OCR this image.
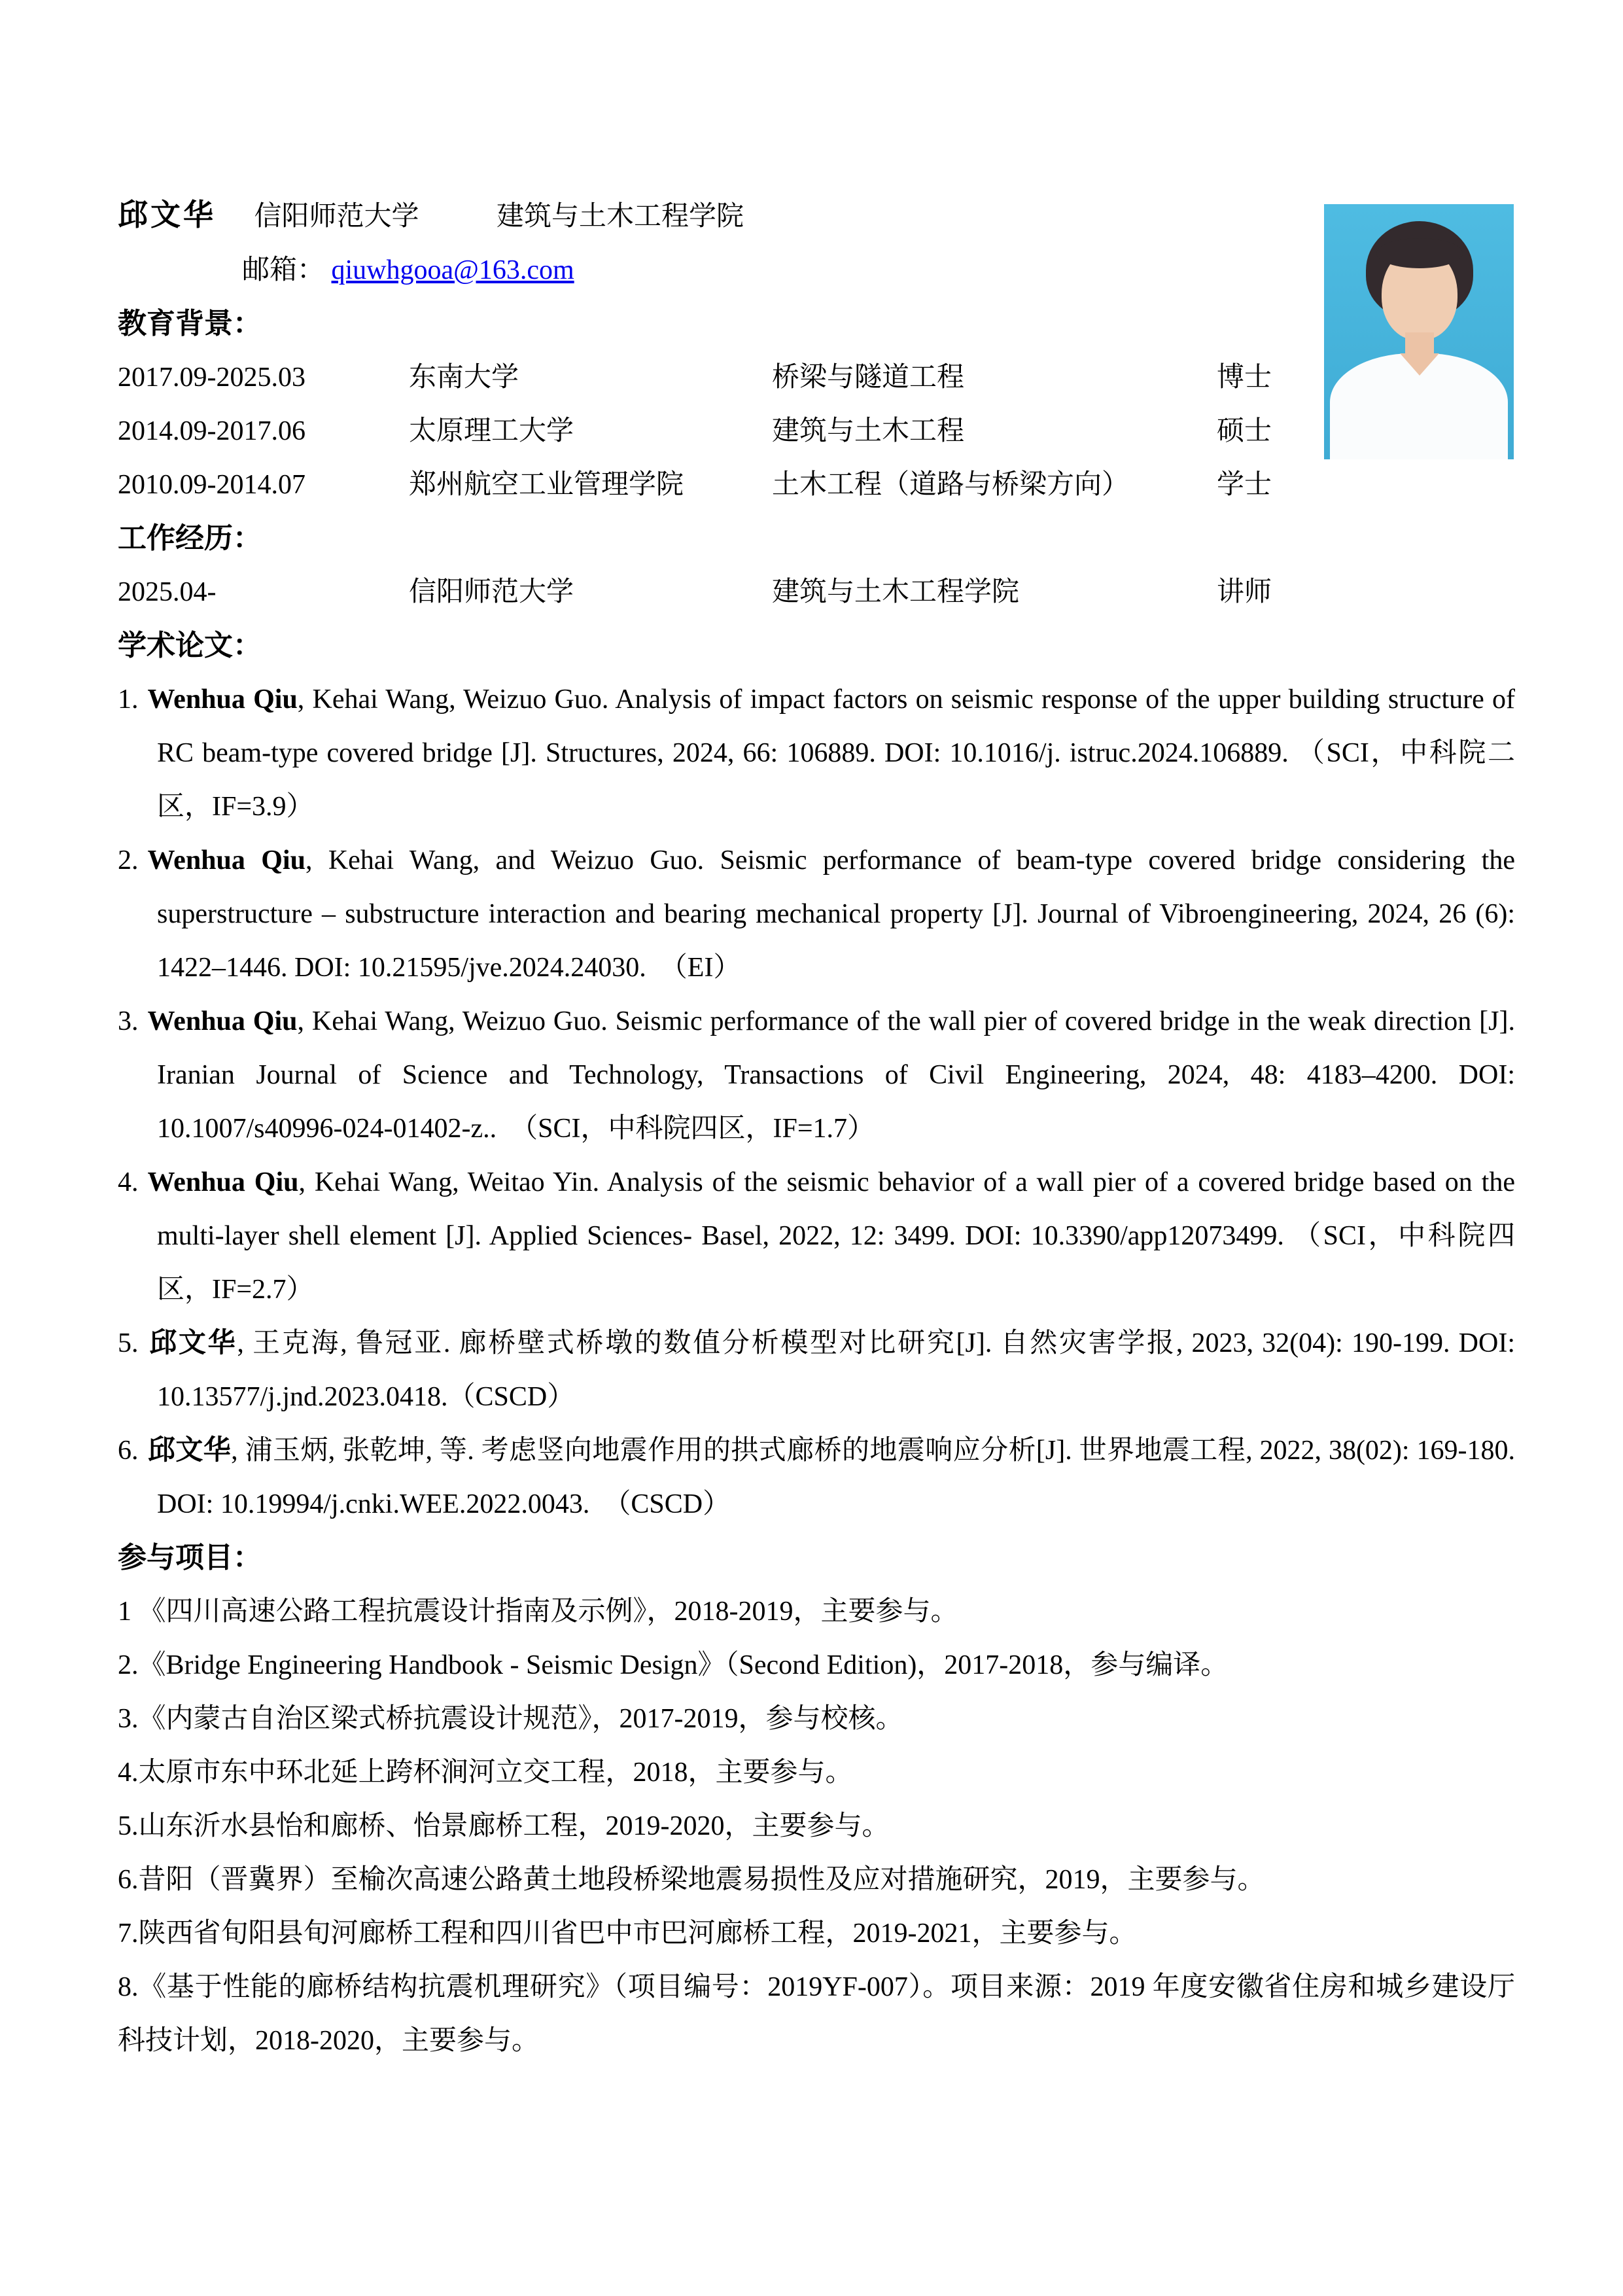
邱文华 信阳师范大学	建筑与土木工程学院
邮箱： qiuwhgooa@163.com
教育背景：
2017.09-2025.03	东南大学	桥梁与隧道工程	博士
2014.09-2017.06	太原理工大学	建筑与土木工程	硕士
2010.09-2014.07	郑州航空工业管理学院	土木工程（道路与桥梁方向）	学士
工作经历：
2025.04-	信阳师范大学	建筑与土木工程学院	讲师
学术论文：
1. Wenhua Qiu, Kehai Wang, Weizuo Guo. Analysis of impact factors on seismic response of the upper building structure of RC beam-type covered bridge [J]. Structures, 2024, 66: 106889. DOI: 10.1016/j. istruc.2024.106889. （SCI，中科院二区，IF=3.9）
2. Wenhua Qiu, Kehai Wang, and Weizuo Guo. Seismic performance of beam-type covered bridge considering the superstructure – substructure interaction and bearing mechanical property [J]. Journal of Vibroengineering, 2024, 26 (6): 1422–1446. DOI: 10.21595/jve.2024.24030.　（EI）
3. Wenhua Qiu, Kehai Wang, Weizuo Guo. Seismic performance of the wall pier of covered bridge in the weak direction [J]. Iranian Journal of Science and Technology, Transactions of Civil Engineering, 2024, 48: 4183–4200. DOI: 10.1007/s40996-024-01402-z..　（SCI，中科院四区，IF=1.7）
4. Wenhua Qiu, Kehai Wang, Weitao Yin. Analysis of the seismic behavior of a wall pier of a covered bridge based on the multi-layer shell element [J]. Applied Sciences- Basel, 2022, 12: 3499. DOI: 10.3390/app12073499. （SCI，中科院四区，IF=2.7）
5. 邱文华, 王克海, 鲁冠亚. 廊桥壁式桥墩的数值分析模型对比研究[J]. 自然灾害学报, 2023, 32(04): 190-199. DOI: 10.13577/j.jnd.2023.0418.（CSCD）
6. 邱文华, 浦玉炳, 张乾坤, 等. 考虑竖向地震作用的拱式廊桥的地震响应分析[J]. 世界地震工程, 2022, 38(02): 169-180. DOI: 10.19994/j.cnki.WEE.2022.0043.　（CSCD）
参与项目：
1 《四川高速公路工程抗震设计指南及示例》，2018-2019，主要参与。
2.《Bridge Engineering Handbook - Seismic Design》（Second Edition)，2017-2018，参与编译。
3.《内蒙古自治区梁式桥抗震设计规范》，2017-2019，参与校核。
4.太原市东中环北延上跨杯涧河立交工程，2018，主要参与。
5.山东沂水县怡和廊桥、怡景廊桥工程，2019-2020，主要参与。
6.昔阳（晋冀界）至榆次高速公路黄土地段桥梁地震易损性及应对措施研究，2019，主要参与。
7.陕西省旬阳县旬河廊桥工程和四川省巴中市巴河廊桥工程，2019-2021，主要参与。
8.《基于性能的廊桥结构抗震机理研究》（项目编号：2019YF-007）。项目来源：2019 年度安徽省住房和城乡建设厅科技计划，2018-2020，主要参与。
